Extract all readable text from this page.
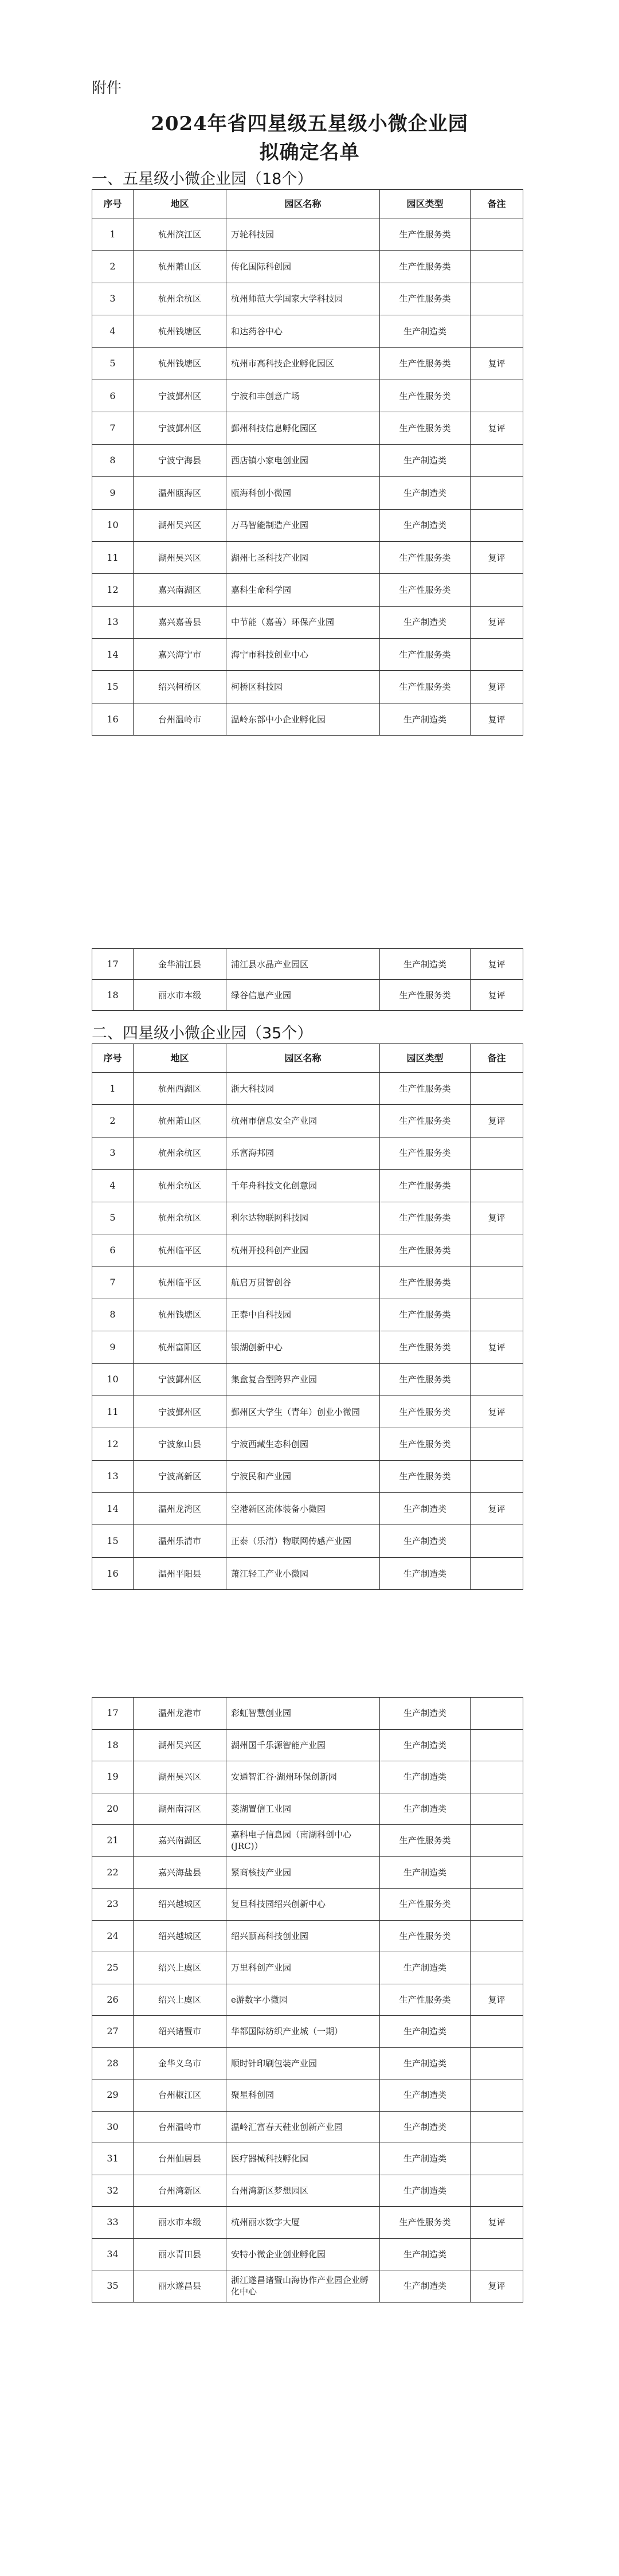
附件
2024年省四星级五星级小微企业园
拟确定名单
一、五星级小微企业园（18个）
序号	地区	园区名称	园区类型	备注
1	杭州滨江区	万轮科技园	生产性服务类	
2	杭州萧山区	传化国际科创园	生产性服务类	
3	杭州余杭区	杭州师范大学国家大学科技园	生产性服务类	
4	杭州钱塘区	和达药谷中心	生产制造类	
5	杭州钱塘区	杭州市高科技企业孵化园区	生产性服务类	复评
6	宁波鄞州区	宁波和丰创意广场	生产性服务类	
7	宁波鄞州区	鄞州科技信息孵化园区	生产性服务类	复评
8	宁波宁海县	西店镇小家电创业园	生产制造类	
9	温州瓯海区	瓯海科创小微园	生产制造类	
10	湖州吴兴区	万马智能制造产业园	生产制造类	
11	湖州吴兴区	湖州七圣科技产业园	生产性服务类	复评
12	嘉兴南湖区	嘉科生命科学园	生产性服务类	
13	嘉兴嘉善县	中节能（嘉善）环保产业园	生产制造类	复评
14	嘉兴海宁市	海宁市科技创业中心	生产性服务类	
15	绍兴柯桥区	柯桥区科技园	生产性服务类	复评
16	台州温岭市	温岭东部中小企业孵化园	生产制造类	复评
17	金华浦江县	浦江县水晶产业园区	生产制造类	复评
18	丽水市本级	绿谷信息产业园	生产性服务类	复评
二、四星级小微企业园（35个）
序号	地区	园区名称	园区类型	备注
1	杭州西湖区	浙大科技园	生产性服务类	
2	杭州萧山区	杭州市信息安全产业园	生产性服务类	复评
3	杭州余杭区	乐富海邦园	生产性服务类	
4	杭州余杭区	千年舟科技文化创意园	生产性服务类	
5	杭州余杭区	利尔达物联网科技园	生产性服务类	复评
6	杭州临平区	杭州开投科创产业园	生产性服务类	
7	杭州临平区	航启万贯智创谷	生产性服务类	
8	杭州钱塘区	正泰中自科技园	生产性服务类	
9	杭州富阳区	银湖创新中心	生产性服务类	复评
10	宁波鄞州区	集盒复合型跨界产业园	生产性服务类	
11	宁波鄞州区	鄞州区大学生（青年）创业小微园	生产性服务类	复评
12	宁波象山县	宁波西藏生态科创园	生产性服务类	
13	宁波高新区	宁波民和产业园	生产性服务类	
14	温州龙湾区	空港新区流体装备小微园	生产制造类	复评
15	温州乐清市	正泰（乐清）物联网传感产业园	生产制造类	
16	温州平阳县	萧江轻工产业小微园	生产制造类	
17	温州龙港市	彩虹智慧创业园	生产制造类	
18	湖州吴兴区	湖州国千乐源智能产业园	生产制造类	
19	湖州吴兴区	安通智汇谷·湖州环保创新园	生产制造类	
20	湖州南浔区	菱湖置信工业园	生产制造类	
21	嘉兴南湖区	嘉科电子信息园（南湖科创中心(JRC)）	生产性服务类	
22	嘉兴海盐县	紧商核技产业园	生产制造类	
23	绍兴越城区	复旦科技园绍兴创新中心	生产性服务类	
24	绍兴越城区	绍兴颐高科技创业园	生产性服务类	
25	绍兴上虞区	万里科创产业园	生产制造类	
26	绍兴上虞区	e游数字小微园	生产性服务类	复评
27	绍兴诸暨市	华都国际纺织产业城（一期）	生产制造类	
28	金华义乌市	顺时针印刷包装产业园	生产制造类	
29	台州椒江区	聚星科创园	生产制造类	
30	台州温岭市	温岭汇富春天鞋业创新产业园	生产制造类	
31	台州仙居县	医疗器械科技孵化园	生产制造类	
32	台州湾新区	台州湾新区梦想园区	生产制造类	
33	丽水市本级	杭州丽水数字大厦	生产性服务类	复评
34	丽水青田县	安特小微企业创业孵化园	生产制造类	
35	丽水遂昌县	浙江遂昌诸暨山海协作产业园企业孵化中心	生产制造类	复评
